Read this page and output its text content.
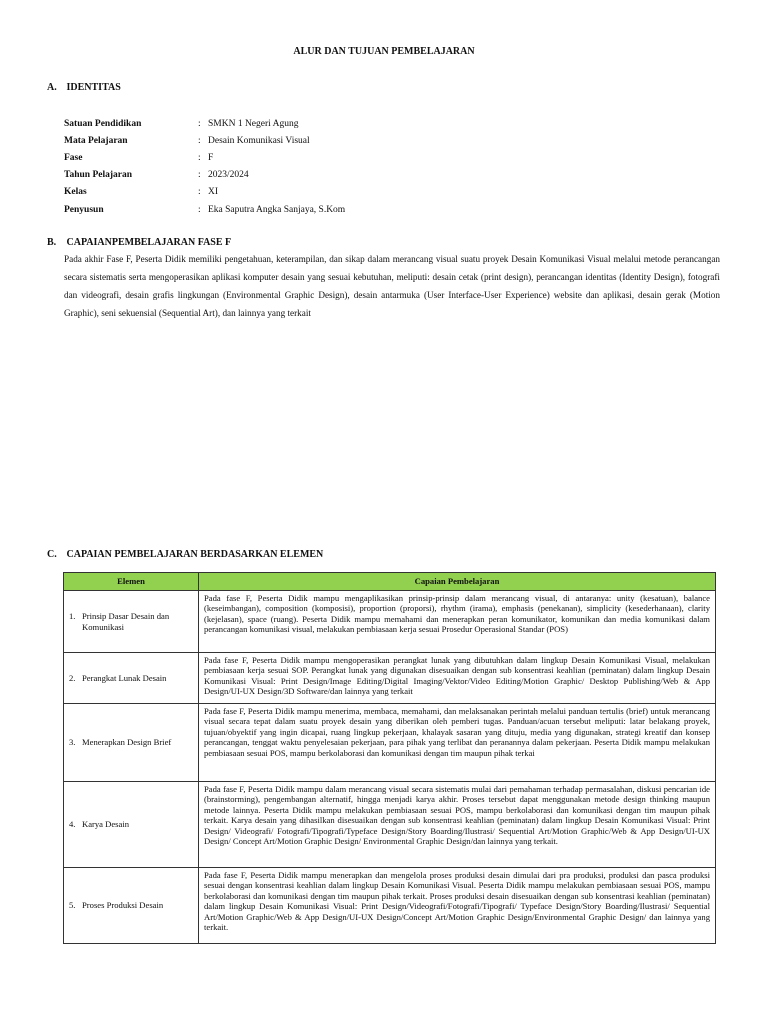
ALUR DAN TUJUAN PEMBELAJARAN
A. IDENTITAS
Satuan Pendidikan	: SMKN 1 Negeri Agung
Mata Pelajaran	: Desain Komunikasi Visual
Fase	: F
Tahun Pelajaran	: 2023/2024
Kelas	: XI
Penyusun	: Eka Saputra Angka Sanjaya, S.Kom
B. CAPAIANPEMBELAJARAN FASE F
Pada akhir Fase F, Peserta Didik memiliki pengetahuan, keterampilan, dan sikap dalam merancang visual suatu proyek Desain Komunikasi Visual melalui metode perancangan secara sistematis serta mengoperasikan aplikasi komputer desain yang sesuai kebutuhan, meliputi: desain cetak (print design), perancangan identitas (Identity Design), fotografi dan videografi, desain grafis lingkungan (Environmental Graphic Design), desain antarmuka (User Interface-User Experience) website dan aplikasi, desain gerak (Motion Graphic), seni sekuensial (Sequential Art), dan lainnya yang terkait
C. CAPAIAN PEMBELAJARAN BERDASARKAN ELEMEN
Elemen	Capaian Pembelajaran
1. Prinsip Dasar Desain dan Komunikasi	Pada fase F, Peserta Didik mampu mengaplikasikan prinsip-prinsip dalam merancang visual, di antaranya: unity (kesatuan), balance (keseimbangan), composition (komposisi), proportion (proporsi), rhythm (irama), emphasis (penekanan), simplicity (kesederhanaan), clarity (kejelasan), space (ruang). Peserta Didik mampu memahami dan menerapkan peran komunikator, komunikan dan media komunikasi dalam perancangan komunikasi visual, melakukan pembiasaan kerja sesuai Prosedur Operasional Standar (POS)
2. Perangkat Lunak Desain	Pada fase F, Peserta Didik mampu mengoperasikan perangkat lunak yang dibutuhkan dalam lingkup Desain Komunikasi Visual, melakukan pembiasaan kerja sesuai SOP. Perangkat lunak yang digunakan disesuaikan dengan sub konsentrasi keahlian (peminatan) dalam lingkup Desain Komunikasi Visual: Print Design/Image Editing/Digital Imaging/Vektor/Video Editing/Motion Graphic/ Desktop Publishing/Web & App Design/UI-UX Design/3D Software/dan lainnya yang terkait
3. Menerapkan Design Brief	Pada fase F, Peserta Didik mampu menerima, membaca, memahami, dan melaksanakan perintah melalui panduan tertulis (brief) untuk merancang visual secara tepat dalam suatu proyek desain yang diberikan oleh pemberi tugas. Panduan/acuan tersebut meliputi: latar belakang proyek, tujuan/obyektif yang ingin dicapai, ruang lingkup pekerjaan, khalayak sasaran yang dituju, media yang digunakan, strategi kreatif dan konsep perancangan, tenggat waktu penyelesaian pekerjaan, para pihak yang terlibat dan peranannya dalam pekerjaan. Peserta Didik mampu melakukan pembiasaan sesuai POS, mampu berkolaborasi dan komunikasi dengan tim maupun pihak terkai
4. Karya Desain	Pada fase F, Peserta Didik mampu dalam merancang visual secara sistematis mulai dari pemahaman terhadap permasalahan, diskusi pencarian ide (brainstorming), pengembangan alternatif, hingga menjadi karya akhir. Proses tersebut dapat menggunakan metode design thinking maupun metode lainnya. Peserta Didik mampu melakukan pembiasaan sesuai POS, mampu berkolaborasi dan komunikasi dengan tim maupun pihak terkait. Karya desain yang dihasilkan disesuaikan dengan sub konsentrasi keahlian (peminatan) dalam lingkup Desain Komunikasi Visual: Print Design/ Videografi/ Fotografi/Tipografi/Typeface Design/Story Boarding/Ilustrasi/ Sequential Art/Motion Graphic/Web & App Design/UI-UX Design/ Concept Art/Motion Graphic Design/ Environmental Graphic Design/dan lainnya yang terkait.
5. Proses Produksi Desain	Pada fase F, Peserta Didik mampu menerapkan dan mengelola proses produksi desain dimulai dari pra produksi, produksi dan pasca produksi sesuai dengan konsentrasi keahlian dalam lingkup Desain Komunikasi Visual. Peserta Didik mampu melakukan pembiasaan sesuai POS, mampu berkolaborasi dan komunikasi dengan tim maupun pihak terkait. Proses produksi desain disesuaikan dengan sub konsentrasi keahlian (peminatan) dalam lingkup Desain Komunikasi Visual: Print Design/Videografi/Fotografi/Tipografi/ Typeface Design/Story Boarding/Ilustrasi/ Sequential Art/Motion Graphic/Web & App Design/UI-UX Design/Concept Art/Motion Graphic Design/Environmental Graphic Design/ dan lainnya yang terkait.
